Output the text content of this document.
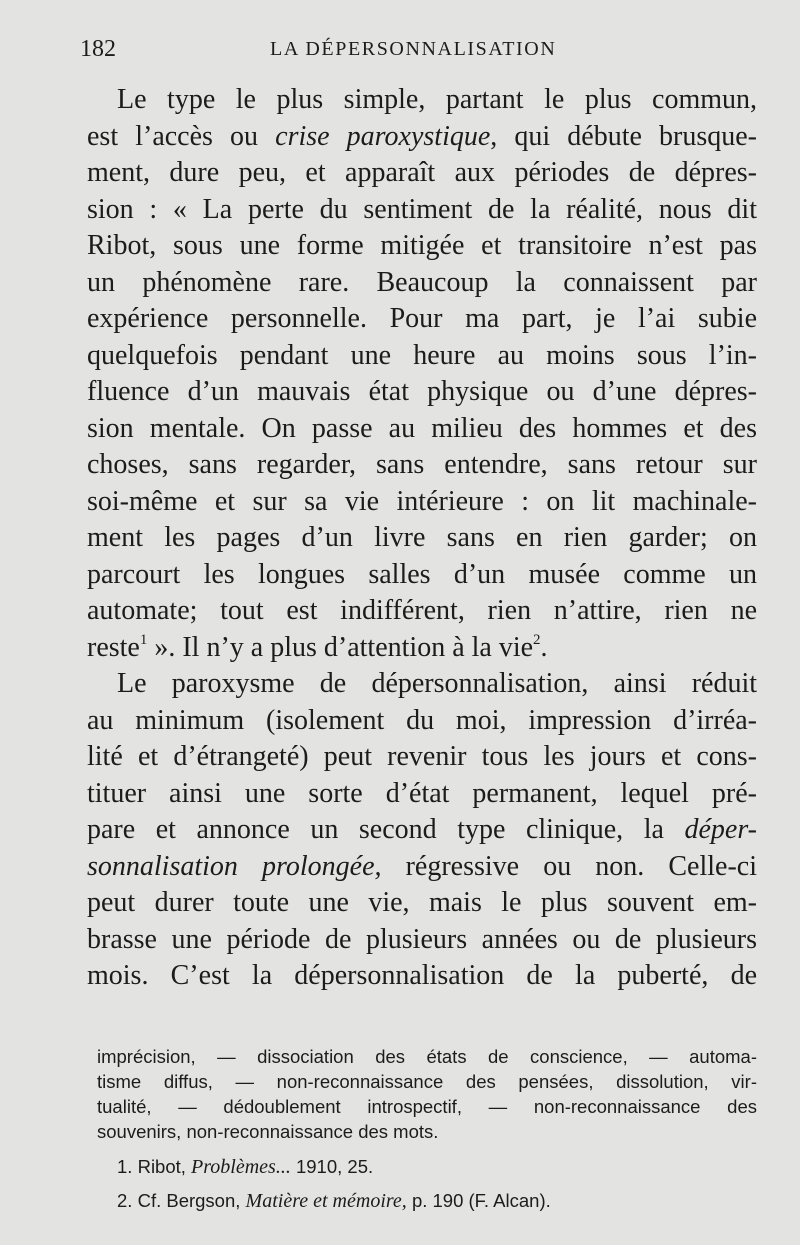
182	LA DÉPERSONNALISATION
Le type le plus simple, partant le plus commun,
est l’accès ou crise paroxystique, qui débute brusque-
ment, dure peu, et apparaît aux périodes de dépres-
sion : « La perte du sentiment de la réalité, nous dit
Ribot, sous une forme mitigée et transitoire n’est pas
un phénomène rare. Beaucoup la connaissent par
expérience personnelle. Pour ma part, je l’ai subie
quelquefois pendant une heure au moins sous l’in-
fluence d’un mauvais état physique ou d’une dépres-
sion mentale. On passe au milieu des hommes et des
choses, sans regarder, sans entendre, sans retour sur
soi-même et sur sa vie intérieure : on lit machinale-
ment les pages d’un livre sans en rien garder; on
parcourt les longues salles d’un musée comme un
automate; tout est indifférent, rien n’attire, rien ne
reste$^1$ ». Il n’y a plus d’attention à la vie$^2$.
Le paroxysme de dépersonnalisation, ainsi réduit
au minimum (isolement du moi, impression d’irréa-
lité et d’étrangeté) peut revenir tous les jours et cons-
tituer ainsi une sorte d’état permanent, lequel pré-
pare et annonce un second type clinique, la déper-
sonnalisation prolongée, régressive ou non. Celle-ci
peut durer toute une vie, mais le plus souvent em-
brasse une période de plusieurs années ou de plusieurs
mois. C’est la dépersonnalisation de la puberté, de
imprécision, — dissociation des états de conscience, — automa-
tisme diffus, — non-reconnaissance des pensées, dissolution, vir-
tualité, — dédoublement introspectif, — non-reconnaissance des
souvenirs, non-reconnaissance des mots.
1. Ribot, Problèmes... 1910, 25.
2. Cf. Bergson, Matière et mémoire, p. 190 (F. Alcan).
